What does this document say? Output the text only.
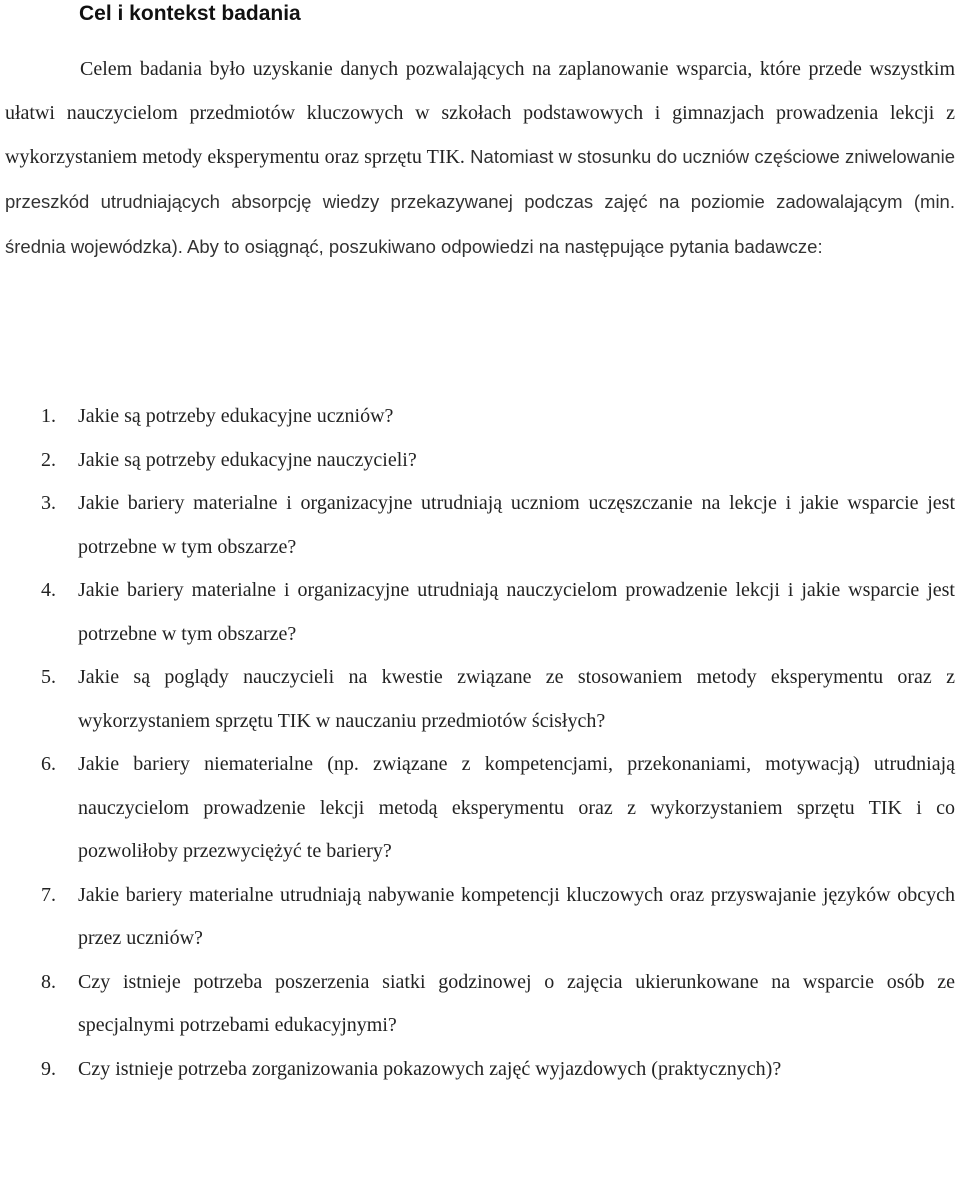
Cel i kontekst badania

Celem badania było uzyskanie danych pozwalających na zaplanowanie wsparcia, które przede wszystkim ułatwi nauczycielom przedmiotów kluczowych w szkołach podstawowych i gimnazjach prowadzenia lekcji z wykorzystaniem metody eksperymentu oraz sprzętu TIK. Natomiast w stosunku do uczniów częściowe zniwelowanie przeszkód utrudniających absorpcję wiedzy przekazywanej podczas zajęć na poziomie zadowalającym (min. średnia wojewódzka). Aby to osiągnąć, poszukiwano odpowiedzi na następujące pytania badawcze:

1. Jakie są potrzeby edukacyjne uczniów?
2. Jakie są potrzeby edukacyjne nauczycieli?
3. Jakie bariery materialne i organizacyjne utrudniają uczniom uczęszczanie na lekcje i jakie wsparcie jest potrzebne w tym obszarze?
4. Jakie bariery materialne i organizacyjne utrudniają nauczycielom prowadzenie lekcji i jakie wsparcie jest potrzebne w tym obszarze?
5. Jakie są poglądy nauczycieli na kwestie związane ze stosowaniem metody eksperymentu oraz z wykorzystaniem sprzętu TIK w nauczaniu przedmiotów ścisłych?
6. Jakie bariery niematerialne (np. związane z kompetencjami, przekonaniami, motywacją) utrudniają nauczycielom prowadzenie lekcji metodą eksperymentu oraz z wykorzystaniem sprzętu TIK i co pozwoliłoby przezwyciężyć te bariery?
7. Jakie bariery materialne utrudniają nabywanie kompetencji kluczowych oraz przyswajanie języków obcych przez uczniów?
8. Czy istnieje potrzeba poszerzenia siatki godzinowej o zajęcia ukierunkowane na wsparcie osób ze specjalnymi potrzebami edukacyjnymi?
9. Czy istnieje potrzeba zorganizowania pokazowych zajęć wyjazdowych (praktycznych)?
